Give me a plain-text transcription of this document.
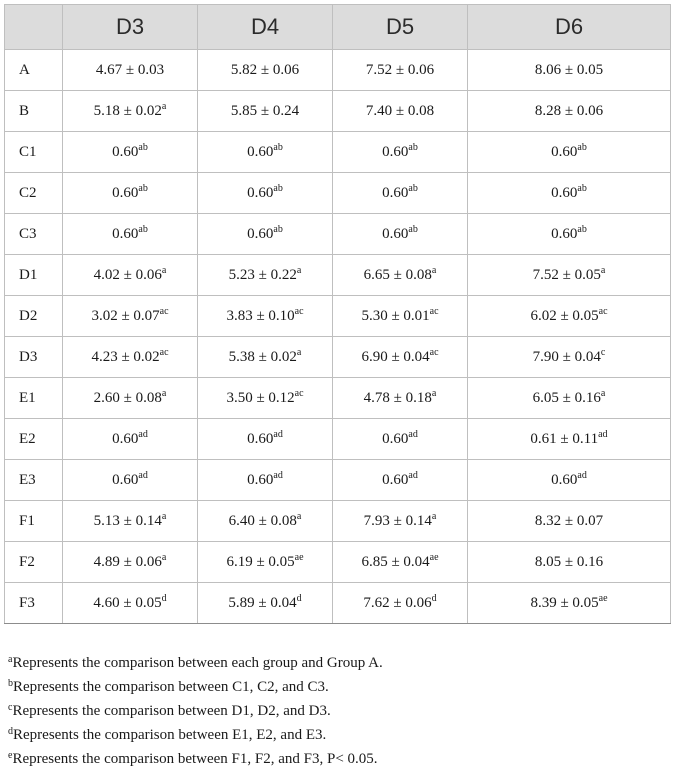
	D3	D4	D5	D6
A	4.67 ± 0.03	5.82 ± 0.06	7.52 ± 0.06	8.06 ± 0.05
B	5.18 ± 0.02$^a$	5.85 ± 0.24	7.40 ± 0.08	8.28 ± 0.06
C1	0.60$^{ab}$	0.60$^{ab}$	0.60$^{ab}$	0.60$^{ab}$
C2	0.60$^{ab}$	0.60$^{ab}$	0.60$^{ab}$	0.60$^{ab}$
C3	0.60$^{ab}$	0.60$^{ab}$	0.60$^{ab}$	0.60$^{ab}$
D1	4.02 ± 0.06$^a$	5.23 ± 0.22$^a$	6.65 ± 0.08$^a$	7.52 ± 0.05$^a$
D2	3.02 ± 0.07$^{ac}$	3.83 ± 0.10$^{ac}$	5.30 ± 0.01$^{ac}$	6.02 ± 0.05$^{ac}$
D3	4.23 ± 0.02$^{ac}$	5.38 ± 0.02$^a$	6.90 ± 0.04$^{ac}$	7.90 ± 0.04$^c$
E1	2.60 ± 0.08$^a$	3.50 ± 0.12$^{ac}$	4.78 ± 0.18$^a$	6.05 ± 0.16$^a$
E2	0.60$^{ad}$	0.60$^{ad}$	0.60$^{ad}$	0.61 ± 0.11$^{ad}$
E3	0.60$^{ad}$	0.60$^{ad}$	0.60$^{ad}$	0.60$^{ad}$
F1	5.13 ± 0.14$^a$	6.40 ± 0.08$^a$	7.93 ± 0.14$^a$	8.32 ± 0.07
F2	4.89 ± 0.06$^a$	6.19 ± 0.05$^{ae}$	6.85 ± 0.04$^{ae}$	8.05 ± 0.16
F3	4.60 ± 0.05$^d$	5.89 ± 0.04$^d$	7.62 ± 0.06$^d$	8.39 ± 0.05$^{ae}$
$^a$Represents the comparison between each group and Group A.
$^b$Represents the comparison between C1, C2, and C3.
$^c$Represents the comparison between D1, D2, and D3.
$^d$Represents the comparison between E1, E2, and E3.
$^e$Represents the comparison between F1, F2, and F3, P< 0.05.
